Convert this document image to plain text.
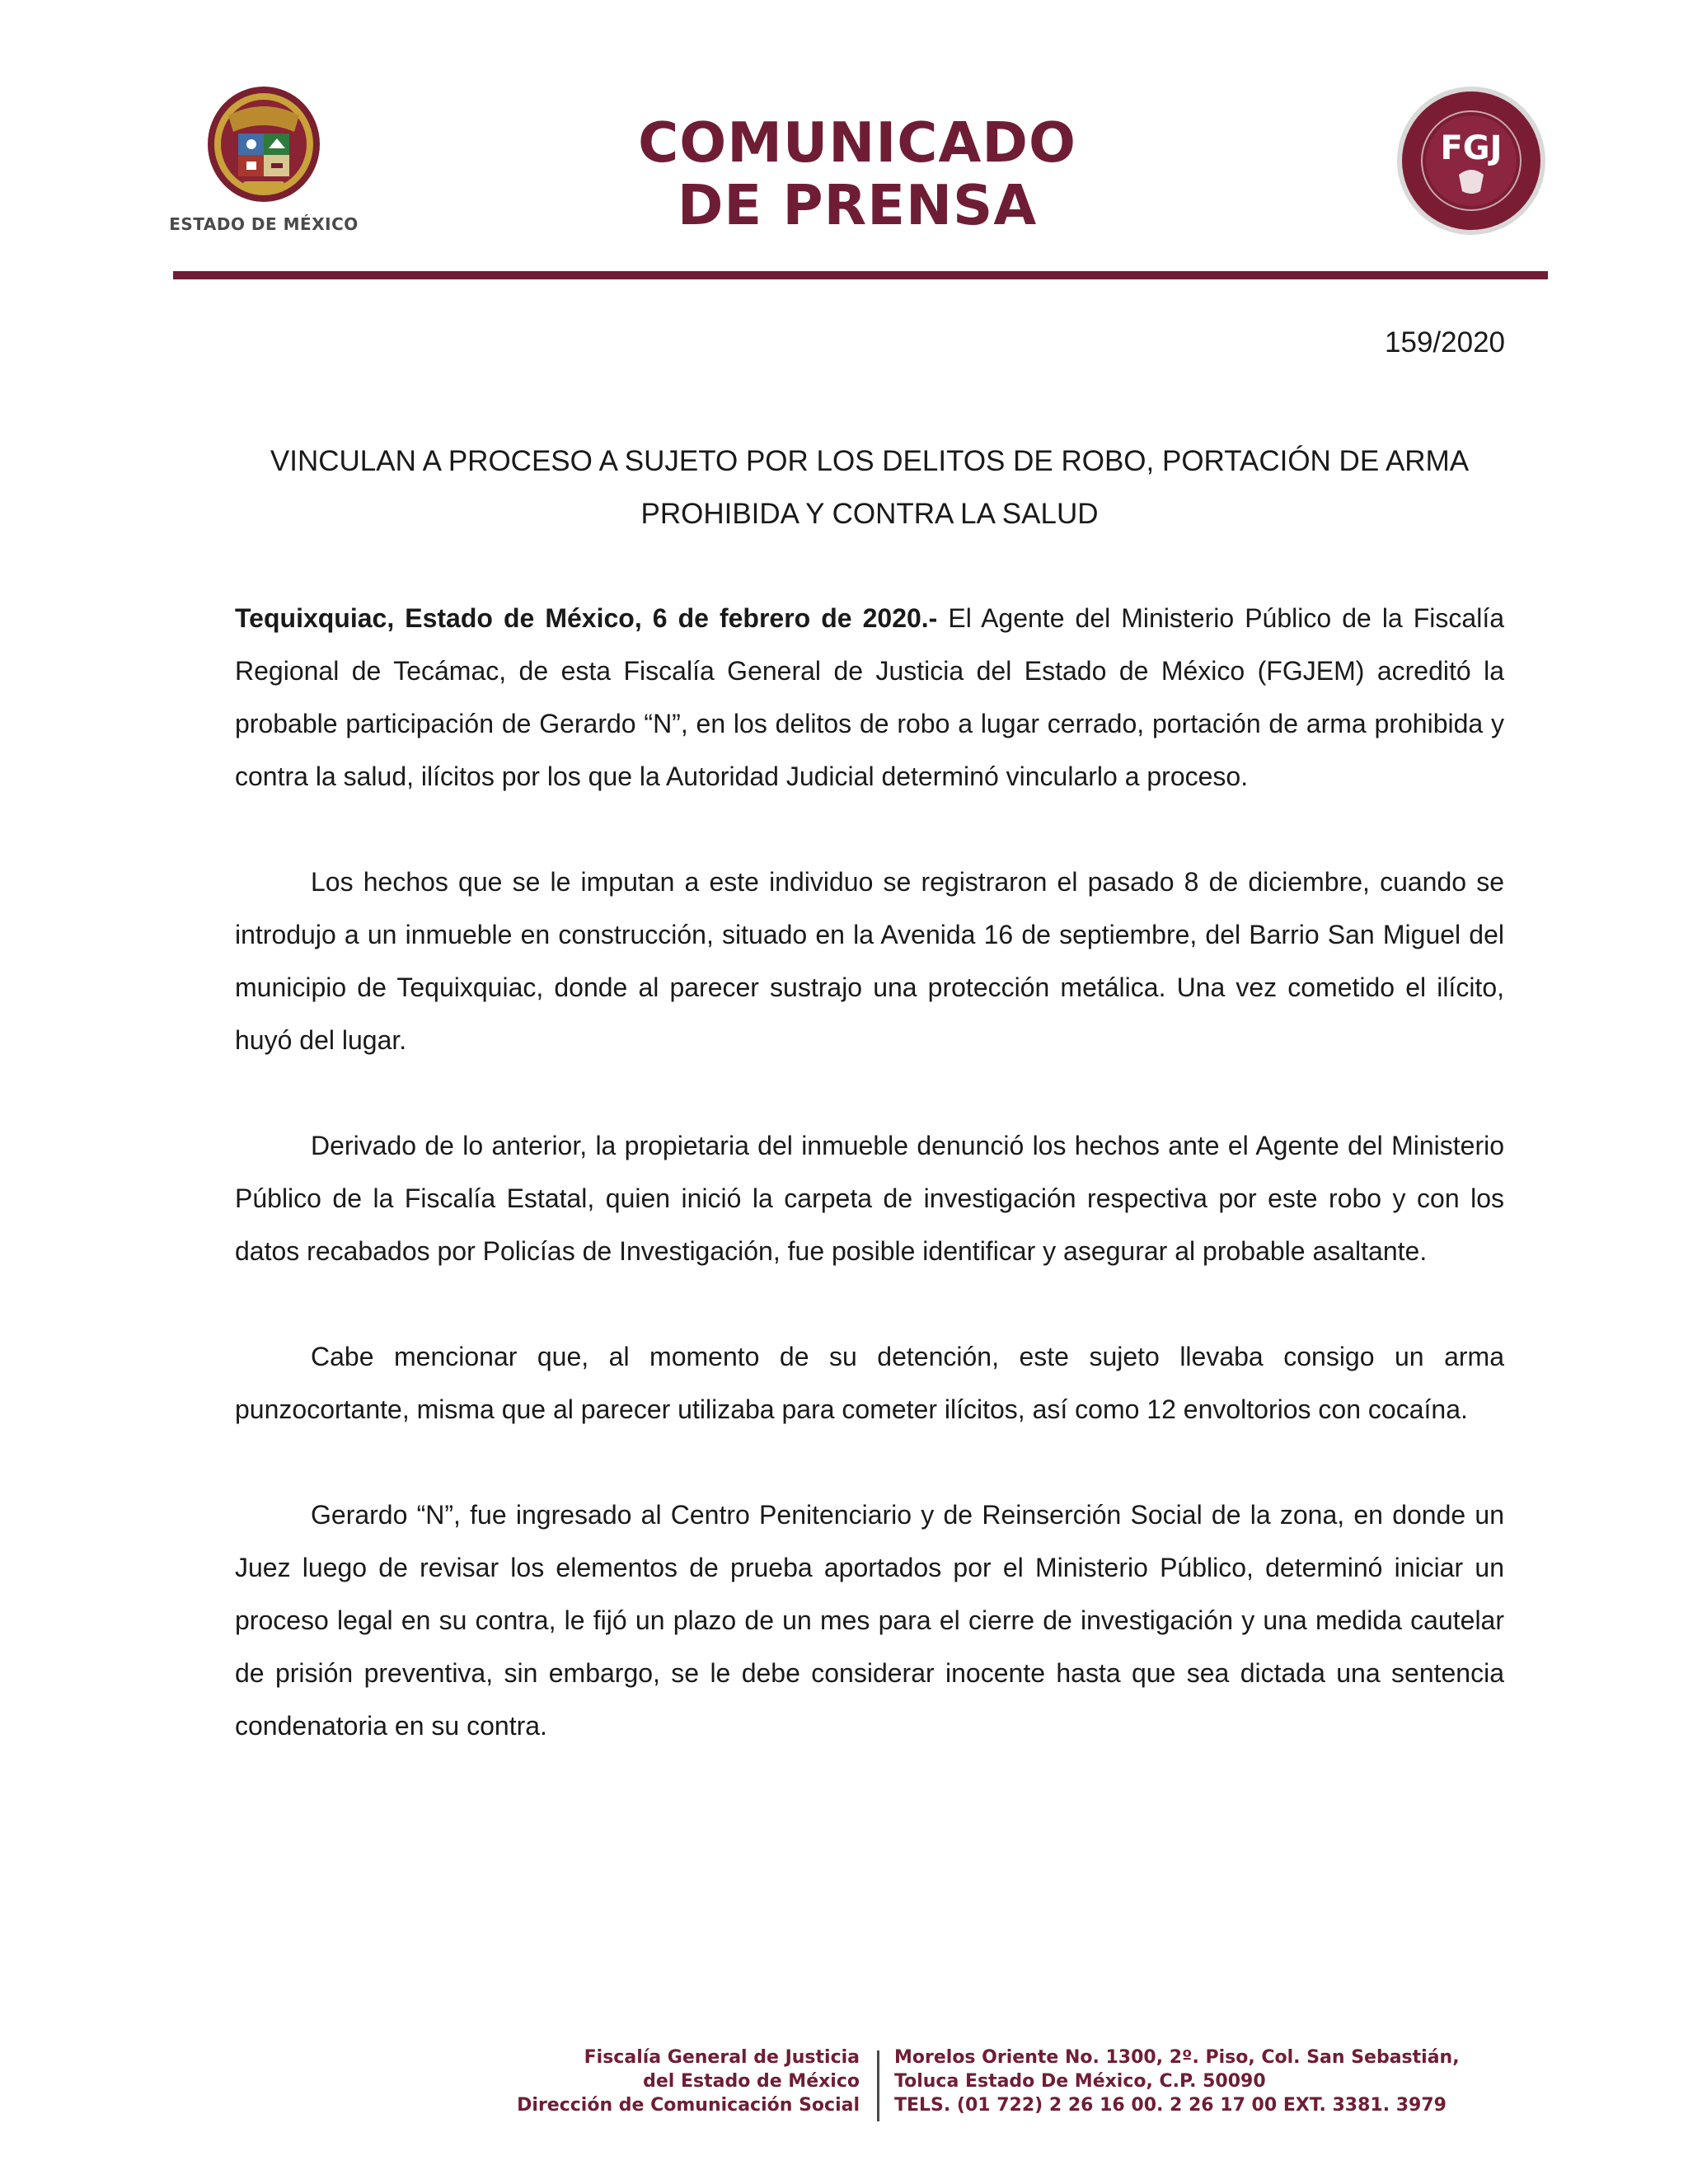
ESTADO DE MÉXICO
COMUNICADO
DE PRENSA
FGJ
159/2020
VINCULAN A PROCESO A SUJETO POR LOS DELITOS DE ROBO, PORTACIÓN DE ARMA
PROHIBIDA Y CONTRA LA SALUD

Tequixquiac, Estado de México, 6 de febrero de 2020.- El Agente del Ministerio Público de la Fiscalía Regional de Tecámac, de esta Fiscalía General de Justicia del Estado de México (FGJEM) acreditó la probable participación de Gerardo “N”, en los delitos de robo a lugar cerrado, portación de arma prohibida y contra la salud, ilícitos por los que la Autoridad Judicial determinó vincularlo a proceso.

Los hechos que se le imputan a este individuo se registraron el pasado 8 de diciembre, cuando se introdujo a un inmueble en construcción, situado en la Avenida 16 de septiembre, del Barrio San Miguel del municipio de Tequixquiac, donde al parecer sustrajo una protección metálica. Una vez cometido el ilícito, huyó del lugar.

Derivado de lo anterior, la propietaria del inmueble denunció los hechos ante el Agente del Ministerio Público de la Fiscalía Estatal, quien inició la carpeta de investigación respectiva por este robo y con los datos recabados por Policías de Investigación, fue posible identificar y asegurar al probable asaltante.

Cabe mencionar que, al momento de su detención, este sujeto llevaba consigo un arma punzocortante, misma que al parecer utilizaba para cometer ilícitos, así como 12 envoltorios con cocaína.

Gerardo “N”, fue ingresado al Centro Penitenciario y de Reinserción Social de la zona, en donde un Juez luego de revisar los elementos de prueba aportados por el Ministerio Público, determinó iniciar un proceso legal en su contra, le fijó un plazo de un mes para el cierre de investigación y una medida cautelar de prisión preventiva, sin embargo, se le debe considerar inocente hasta que sea dictada una sentencia condenatoria en su contra.

Fiscalía General de Justicia
del Estado de México
Dirección de Comunicación Social
Morelos Oriente No. 1300, 2º. Piso, Col. San Sebastián,
Toluca Estado De México, C.P. 50090
TELS. (01 722) 2 26 16 00. 2 26 17 00 EXT. 3381. 3979
